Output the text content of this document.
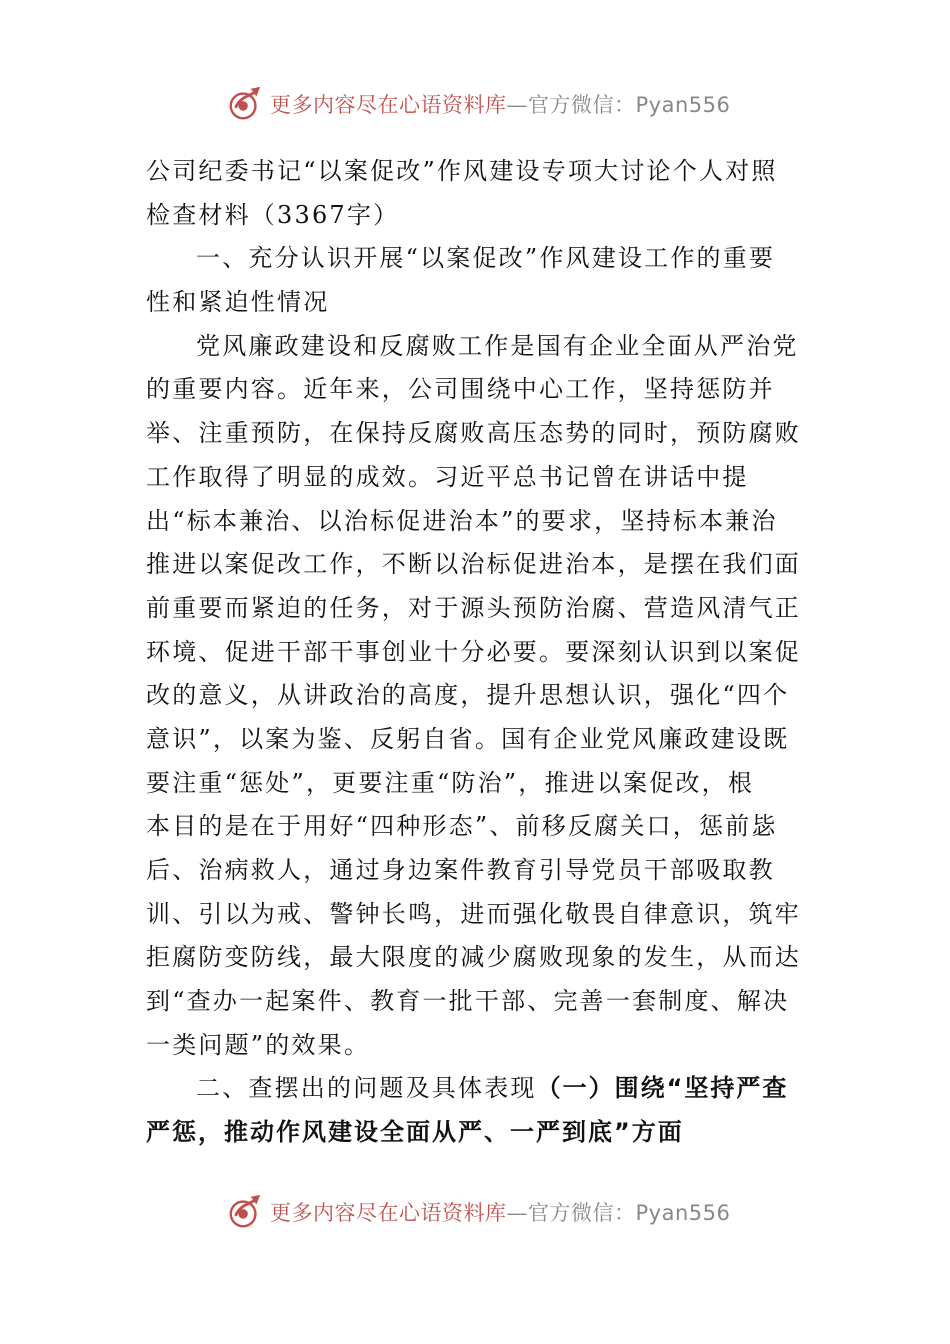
更多内容尽在心语资料库—官方微信：Pyan556
公司纪委书记“以案促改”作风建设专项大讨论个人对照
检查材料（3367字）
一、充分认识开展“以案促改”作风建设工作的重要
性和紧迫性情况
党风廉政建设和反腐败工作是国有企业全面从严治党
的重要内容。近年来，公司围绕中心工作，坚持惩防并
举、注重预防，在保持反腐败高压态势的同时，预防腐败
工作取得了明显的成效。习近平总书记曾在讲话中提
出“标本兼治、以治标促进治本”的要求，坚持标本兼治
推进以案促改工作，不断以治标促进治本，是摆在我们面
前重要而紧迫的任务，对于源头预防治腐、营造风清气正
环境、促进干部干事创业十分必要。要深刻认识到以案促
改的意义，从讲政治的高度，提升思想认识，强化“四个
意识”，以案为鉴、反躬自省。国有企业党风廉政建设既
要注重“惩处”，更要注重“防治”，推进以案促改，根
本目的是在于用好“四种形态”、前移反腐关口，惩前毖
后、治病救人，通过身边案件教育引导党员干部吸取教
训、引以为戒、警钟长鸣，进而强化敬畏自律意识，筑牢
拒腐防变防线，最大限度的减少腐败现象的发生，从而达
到“查办一起案件、教育一批干部、完善一套制度、解决
一类问题”的效果。
二、查摆出的问题及具体表现（一）围绕“坚持严查
严惩，推动作风建设全面从严、一严到底”方面
更多内容尽在心语资料库—官方微信：Pyan556
